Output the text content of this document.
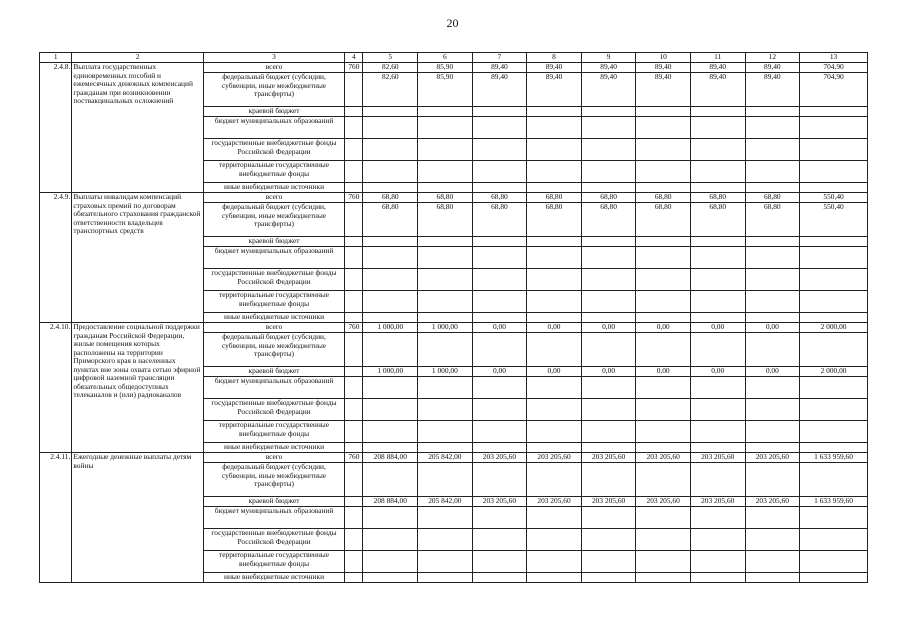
20
1	2	3	4	5	6	7	8	9	10	11	12	13
2.4.8.	Выплата государственных единовременных пособий и ежемесячных денежных компенсаций гражданам при возникновении поствакцинальных осложнений	всего	760	82,60	85,90	89,40	89,40	89,40	89,40	89,40	89,40	704,90
		федеральный бюджет (субсидии, субвенции, иные межбюджетные трансферты)		82,60	85,90	89,40	89,40	89,40	89,40	89,40	89,40	704,90
		краевой бюджет										
		бюджет муниципальных образований										
		государственные внебюджетные фонды Российской Федерации										
		территориальные государственные внебюджетные фонды										
		иные внебюджетные источники										
2.4.9.	Выплаты инвалидам компенсаций страховых премий по договорам обязательного страхования гражданской ответственности владельцев транспортных средств	всего	760	68,80	68,80	68,80	68,80	68,80	68,80	68,80	68,80	550,40
		федеральный бюджет (субсидии, субвенции, иные межбюджетные трансферты)		68,80	68,80	68,80	68,80	68,80	68,80	68,80	68,80	550,40
		краевой бюджет										
		бюджет муниципальных образований										
		государственные внебюджетные фонды Российской Федерации										
		территориальные государственные внебюджетные фонды										
		иные внебюджетные источники										
2.4.10.	Предоставление социальной поддержки гражданам Российской Федерации, жилые помещения которых расположены на территории Приморского края в населенных пунктах вне зоны охвата сетью эфирной цифровой наземной трансляции обязательных общедоступных телеканалов и (или) радиоканалов	всего	760	1 000,00	1 000,00	0,00	0,00	0,00	0,00	0,00	0,00	2 000,00
		федеральный бюджет (субсидии, субвенции, иные межбюджетные трансферты)										
		краевой бюджет		1 000,00	1 000,00	0,00	0,00	0,00	0,00	0,00	0,00	2 000,00
		бюджет муниципальных образований										
		государственные внебюджетные фонды Российской Федерации										
		территориальные государственные внебюджетные фонды										
		иные внебюджетные источники										
2.4.11.	Ежегодные денежные выплаты детям войны	всего	760	208 884,00	205 842,00	203 205,60	203 205,60	203 205,60	203 205,60	203 205,60	203 205,60	1 633 959,60
		федеральный бюджет (субсидии, субвенции, иные межбюджетные трансферты)										
		краевой бюджет		208 884,00	205 842,00	203 205,60	203 205,60	203 205,60	203 205,60	203 205,60	203 205,60	1 633 959,60
		бюджет муниципальных образований										
		государственные внебюджетные фонды Российской Федерации										
		территориальные государственные внебюджетные фонды										
		иные внебюджетные источники										
